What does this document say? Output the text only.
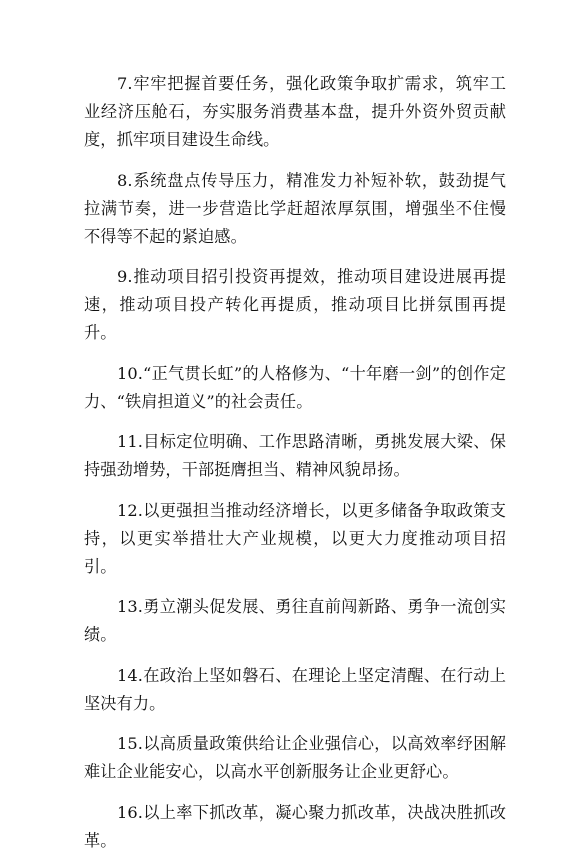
7.牢牢把握首要任务，强化政策争取扩需求，筑牢工业经济压舱石，夯实服务消费基本盘，提升外资外贸贡献度，抓牢项目建设生命线。
8.系统盘点传导压力，精准发力补短补软，鼓劲提气拉满节奏，进一步营造比学赶超浓厚氛围，增强坐不住慢不得等不起的紧迫感。
9.推动项目招引投资再提效，推动项目建设进展再提速，推动项目投产转化再提质，推动项目比拼氛围再提升。
10.“正气贯长虹”的人格修为、“十年磨一剑”的创作定力、“铁肩担道义”的社会责任。
11.目标定位明确、工作思路清晰，勇挑发展大梁、保持强劲增势，干部挺膺担当、精神风貌昂扬。
12.以更强担当推动经济增长，以更多储备争取政策支持，以更实举措壮大产业规模，以更大力度推动项目招引。
13.勇立潮头促发展、勇往直前闯新路、勇争一流创实绩。
14.在政治上坚如磐石、在理论上坚定清醒、在行动上坚决有力。
15.以高质量政策供给让企业强信心，以高效率纾困解难让企业能安心，以高水平创新服务让企业更舒心。
16.以上率下抓改革，凝心聚力抓改革，决战决胜抓改革。
